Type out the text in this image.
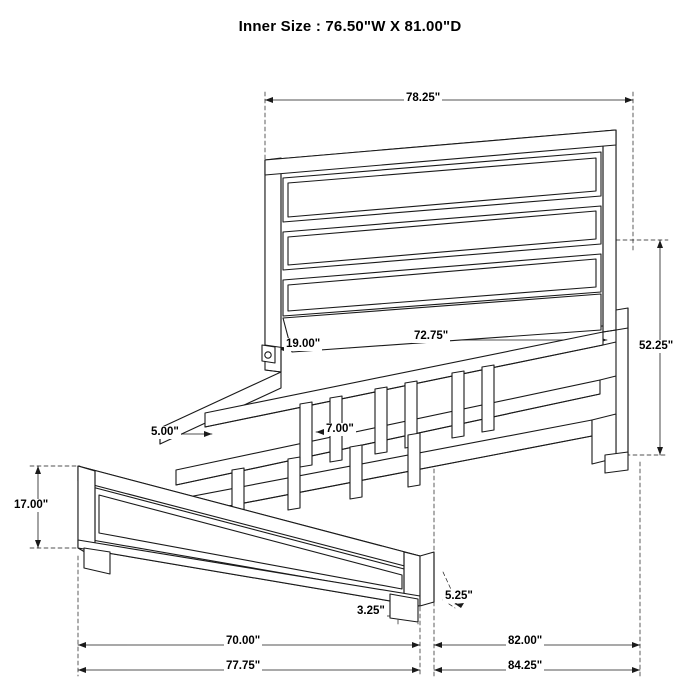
Inner Size : 76.50"W X 81.00"D
78.25"
52.25"
72.75"
19.00"
5.00"	7.00"
17.00"
5.25"
3.25"
70.00"	82.00"
77.75"	84.25"
